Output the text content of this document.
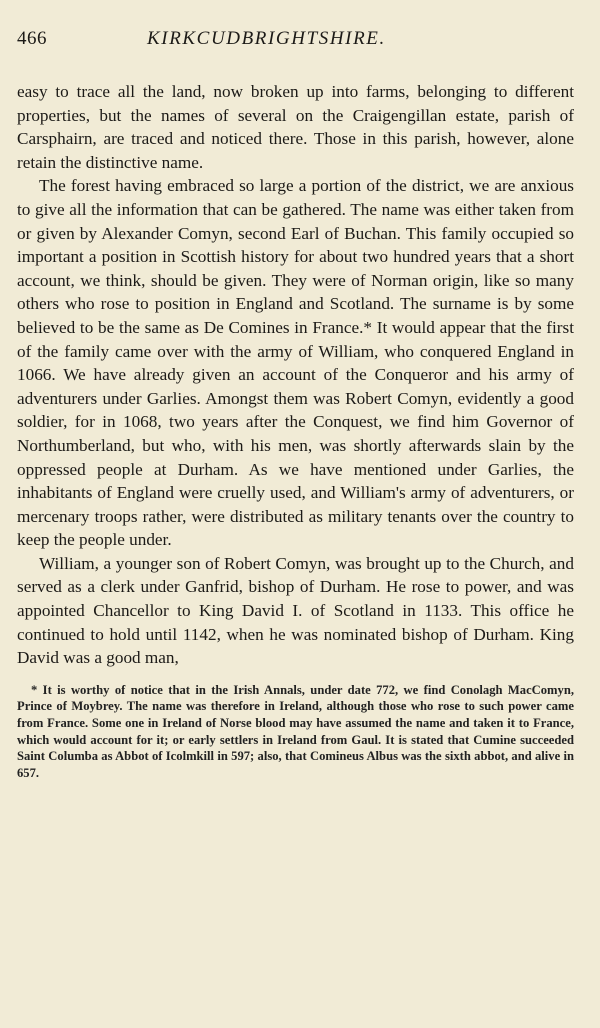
466	KIRKCUDBRIGHTSHIRE.

easy to trace all the land, now broken up into farms, belonging to different properties, but the names of several on the Craigengillan estate, parish of Carsphairn, are traced and noticed there. Those in this parish, however, alone retain the distinctive name.

The forest having embraced so large a portion of the district, we are anxious to give all the information that can be gathered. The name was either taken from or given by Alexander Comyn, second Earl of Buchan. This family occupied so important a position in Scottish history for about two hundred years that a short account, we think, should be given. They were of Norman origin, like so many others who rose to position in England and Scotland. The surname is by some believed to be the same as De Comines in France.* It would appear that the first of the family came over with the army of William, who conquered England in 1066. We have already given an account of the Conqueror and his army of adventurers under Garlies. Amongst them was Robert Comyn, evidently a good soldier, for in 1068, two years after the Conquest, we find him Governor of Northumberland, but who, with his men, was shortly afterwards slain by the oppressed people at Durham. As we have mentioned under Garlies, the inhabitants of England were cruelly used, and William's army of adventurers, or mercenary troops rather, were distributed as military tenants over the country to keep the people under.

William, a younger son of Robert Comyn, was brought up to the Church, and served as a clerk under Ganfrid, bishop of Durham. He rose to power, and was appointed Chancellor to King David I. of Scotland in 1133. This office he continued to hold until 1142, when he was nominated bishop of Durham. King David was a good man,

* It is worthy of notice that in the Irish Annals, under date 772, we find Conolagh MacComyn, Prince of Moybrey. The name was therefore in Ireland, although those who rose to such power came from France. Some one in Ireland of Norse blood may have assumed the name and taken it to France, which would account for it; or early settlers in Ireland from Gaul. It is stated that Cumine succeeded Saint Columba as Abbot of Icolmkill in 597; also, that Comineus Albus was the sixth abbot, and alive in 657.
